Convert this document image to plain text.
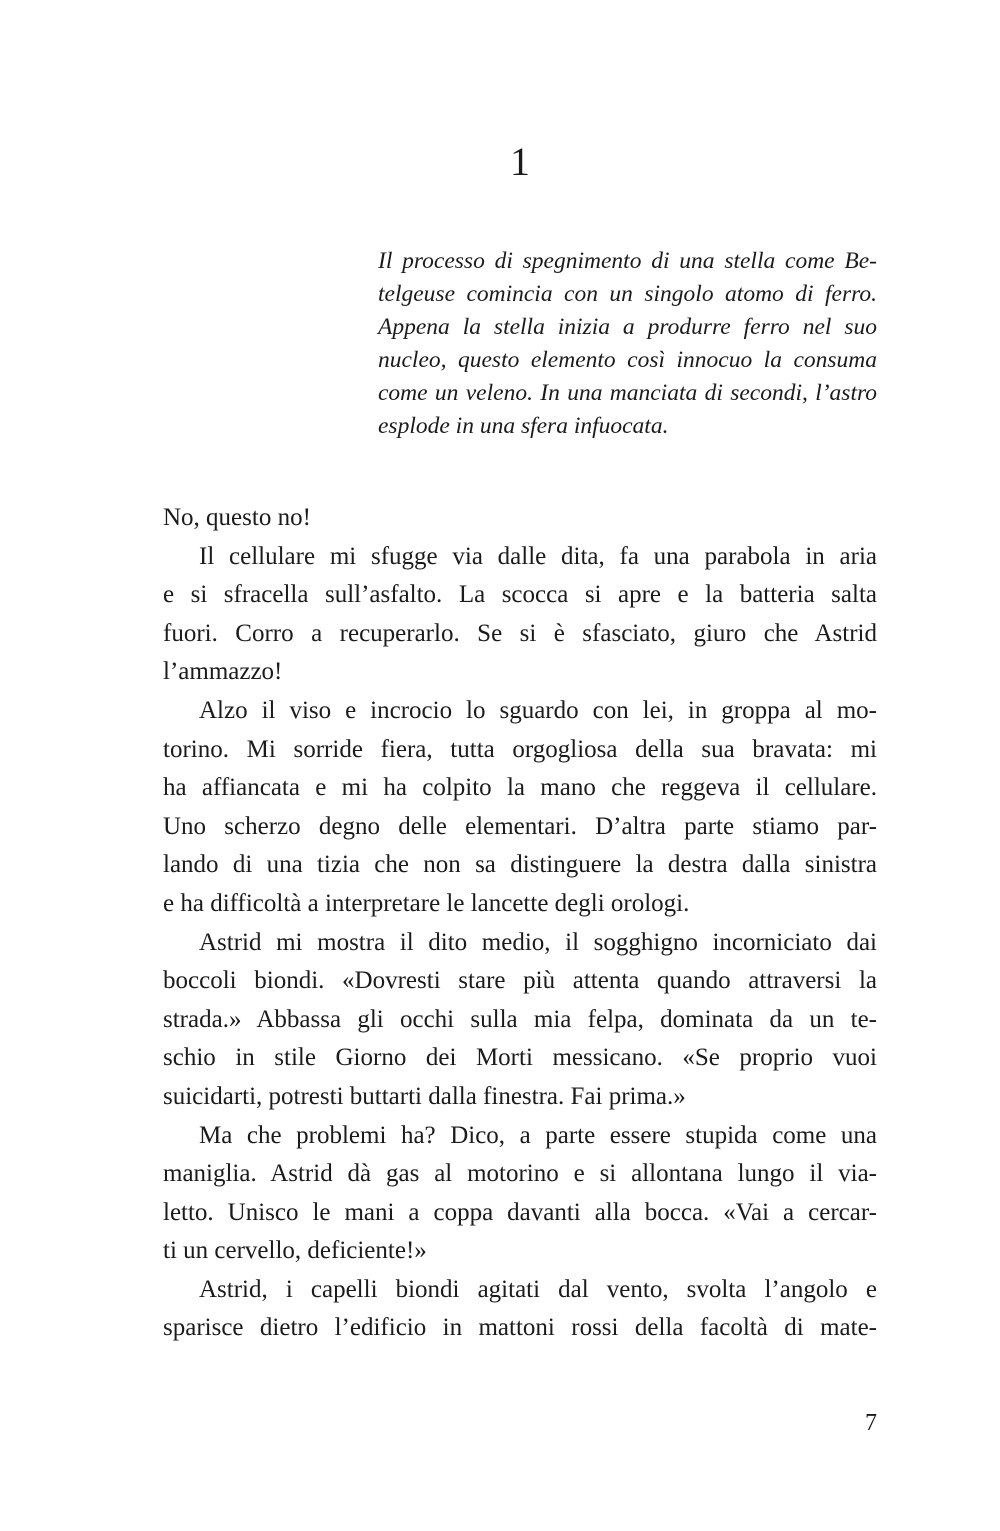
1
Il processo di spegnimento di una stella come Be-
telgeuse comincia con un singolo atomo di ferro.
Appena la stella inizia a produrre ferro nel suo
nucleo, questo elemento così innocuo la consuma
come un veleno. In una manciata di secondi, l’astro
esplode in una sfera infuocata.
No, questo no!
Il cellulare mi sfugge via dalle dita, fa una parabola in aria
e si sfracella sull’asfalto. La scocca si apre e la batteria salta
fuori. Corro a recuperarlo. Se si è sfasciato, giuro che Astrid
l’ammazzo!
Alzo il viso e incrocio lo sguardo con lei, in groppa al mo-
torino. Mi sorride fiera, tutta orgogliosa della sua bravata: mi
ha affiancata e mi ha colpito la mano che reggeva il cellulare.
Uno scherzo degno delle elementari. D’altra parte stiamo par-
lando di una tizia che non sa distinguere la destra dalla sinistra
e ha difficoltà a interpretare le lancette degli orologi.
Astrid mi mostra il dito medio, il sogghigno incorniciato dai
boccoli biondi. «Dovresti stare più attenta quando attraversi la
strada.» Abbassa gli occhi sulla mia felpa, dominata da un te-
schio in stile Giorno dei Morti messicano. «Se proprio vuoi
suicidarti, potresti buttarti dalla finestra. Fai prima.»
Ma che problemi ha? Dico, a parte essere stupida come una
maniglia. Astrid dà gas al motorino e si allontana lungo il via-
letto. Unisco le mani a coppa davanti alla bocca. «Vai a cercar-
ti un cervello, deficiente!»
Astrid, i capelli biondi agitati dal vento, svolta l’angolo e
sparisce dietro l’edificio in mattoni rossi della facoltà di mate-
7
